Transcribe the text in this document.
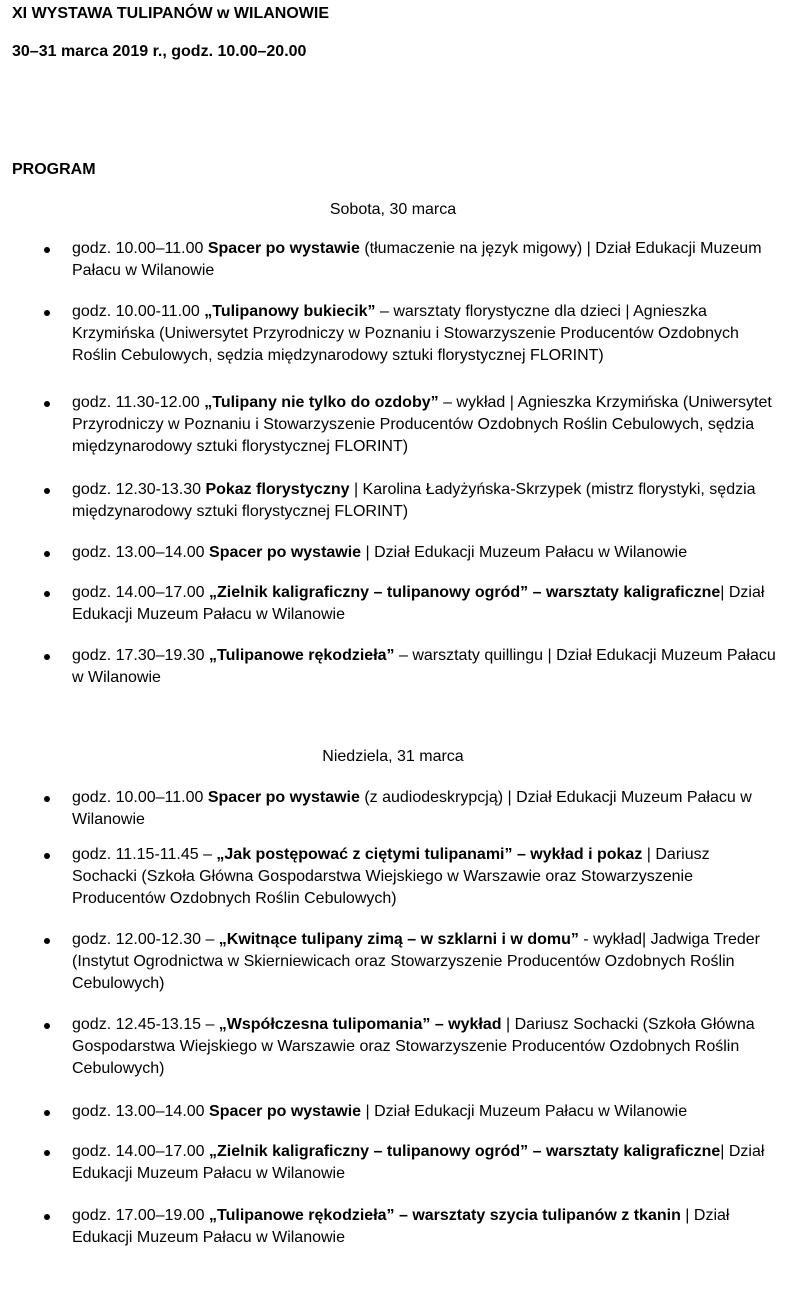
XI WYSTAWA TULIPANÓW w WILANOWIE
30–31 marca 2019 r., godz. 10.00–20.00
PROGRAM
Sobota, 30 marca
godz. 10.00–11.00 Spacer po wystawie (tłumaczenie na język migowy) | Dział Edukacji Muzeum Pałacu w Wilanowie
godz. 10.00-11.00 „Tulipanowy bukiecik” – warsztaty florystyczne dla dzieci | Agnieszka Krzymińska (Uniwersytet Przyrodniczy w Poznaniu i Stowarzyszenie Producentów Ozdobnych Roślin Cebulowych, sędzia międzynarodowy sztuki florystycznej FLORINT)
godz. 11.30-12.00 „Tulipany nie tylko do ozdoby” – wykład | Agnieszka Krzymińska (Uniwersytet Przyrodniczy w Poznaniu i Stowarzyszenie Producentów Ozdobnych Roślin Cebulowych, sędzia międzynarodowy sztuki florystycznej FLORINT)
godz. 12.30-13.30 Pokaz florystyczny | Karolina Ładyżyńska-Skrzypek (mistrz florystyki, sędzia międzynarodowy sztuki florystycznej FLORINT)
godz. 13.00–14.00 Spacer po wystawie | Dział Edukacji Muzeum Pałacu w Wilanowie
godz. 14.00–17.00 „Zielnik kaligraficzny – tulipanowy ogród” – warsztaty kaligraficzne| Dział Edukacji Muzeum Pałacu w Wilanowie
godz. 17.30–19.30 „Tulipanowe rękodzieła” – warsztaty quillingu | Dział Edukacji Muzeum Pałacu w Wilanowie
Niedziela, 31 marca
godz. 10.00–11.00 Spacer po wystawie (z audiodeskrypcją) | Dział Edukacji Muzeum Pałacu w Wilanowie
godz. 11.15-11.45 – „Jak postępować z ciętymi tulipanami” – wykład i pokaz | Dariusz Sochacki (Szkoła Główna Gospodarstwa Wiejskiego w Warszawie oraz Stowarzyszenie Producentów Ozdobnych Roślin Cebulowych)
godz. 12.00-12.30 – „Kwitnące tulipany zimą – w szklarni i w domu” - wykład| Jadwiga Treder (Instytut Ogrodnictwa w Skierniewicach oraz Stowarzyszenie Producentów Ozdobnych Roślin Cebulowych)
godz. 12.45-13.15 – „Współczesna tulipomania” – wykład | Dariusz Sochacki (Szkoła Główna Gospodarstwa Wiejskiego w Warszawie oraz Stowarzyszenie Producentów Ozdobnych Roślin Cebulowych)
godz. 13.00–14.00 Spacer po wystawie | Dział Edukacji Muzeum Pałacu w Wilanowie
godz. 14.00–17.00 „Zielnik kaligraficzny – tulipanowy ogród” – warsztaty kaligraficzne| Dział Edukacji Muzeum Pałacu w Wilanowie
godz. 17.00–19.00 „Tulipanowe rękodzieła” – warsztaty szycia tulipanów z tkanin | Dział Edukacji Muzeum Pałacu w Wilanowie
